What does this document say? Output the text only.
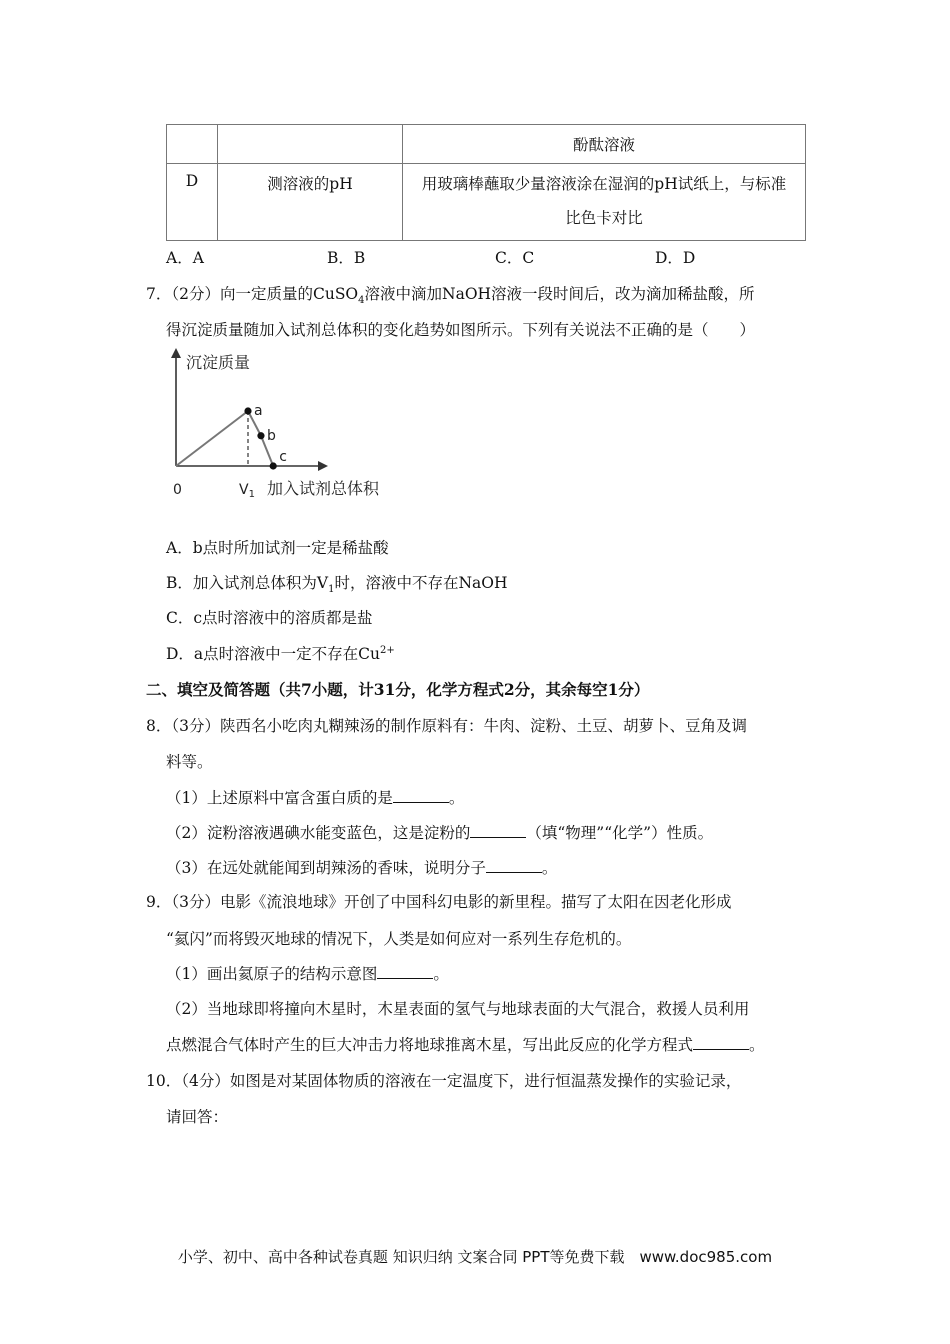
		酚酞溶液

D	测溶液的pH	用玻璃棒蘸取少量溶液涂在湿润的pH试纸上，与标准
比色卡对比
A．A	B．B	C．C	D．D
7．（2分）向一定质量的CuSO$_4$溶液中滴加NaOH溶液一段时间后，改为滴加稀盐酸，所
得沉淀质量随加入试剂总体积的变化趋势如图所示。下列有关说法不正确的是（　　）
沉淀质量
0	$V_1$ 加入试剂总体积
a
b
c
A．b点时所加试剂一定是稀盐酸
B．加入试剂总体积为$V_1$时，溶液中不存在NaOH
C．c点时溶液中的溶质都是盐
D．a点时溶液中一定不存在$Cu^{2+}$
二、填空及简答题（共7小题，计31分，化学方程式2分，其余每空1分）
8．（3分）陕西名小吃肉丸糊辣汤的制作原料有：牛肉、淀粉、土豆、胡萝卜、豆角及调
料等。
（1）上述原料中富含蛋白质的是	。
（2）淀粉溶液遇碘水能变蓝色，这是淀粉的	（填“物理”“化学”）性质。
（3）在远处就能闻到胡辣汤的香味，说明分子	。
9．（3分）电影《流浪地球》开创了中国科幻电影的新里程。描写了太阳在因老化形成
“氦闪”而将毁灭地球的情况下，人类是如何应对一系列生存危机的。
（1）画出氦原子的结构示意图	。
（2）当地球即将撞向木星时，木星表面的氢气与地球表面的大气混合，救援人员利用
点燃混合气体时产生的巨大冲击力将地球推离木星，写出此反应的化学方程式	。
10．（4分）如图是对某固体物质的溶液在一定温度下，进行恒温蒸发操作的实验记录，
请回答：
小学、初中、高中各种试卷真题 知识归纳 文案合同 PPT等免费下载　www.doc985.com
